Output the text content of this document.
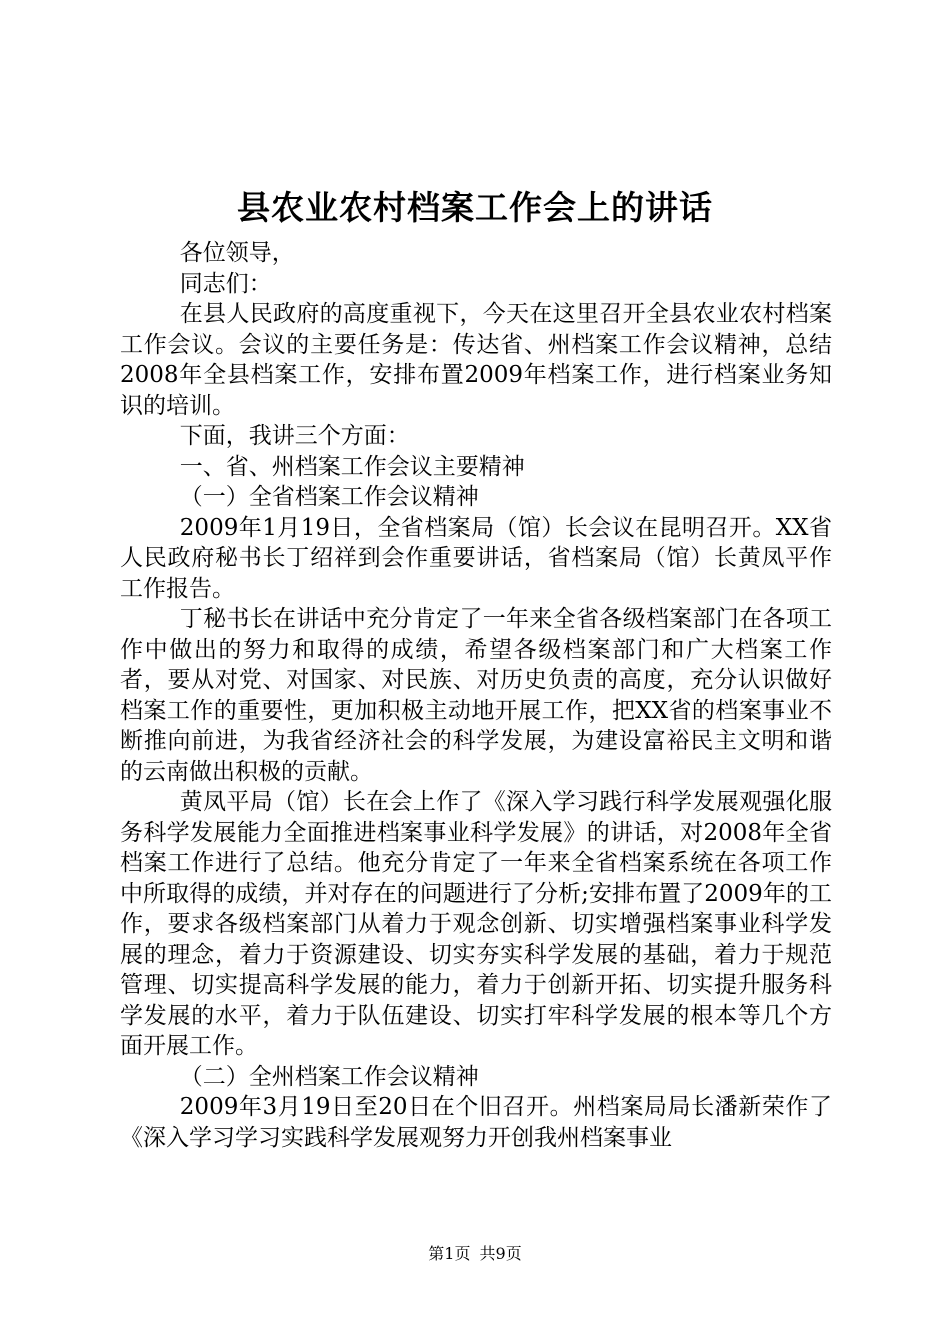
县农业农村档案工作会上的讲话

各位领导，

同志们：

在县人民政府的高度重视下，今天在这里召开全县农业农村档案工作会议。会议的主要任务是：传达省、州档案工作会议精神，总结2008年全县档案工作，安排布置2009年档案工作，进行档案业务知识的培训。

下面，我讲三个方面：

一、省、州档案工作会议主要精神

（一）全省档案工作会议精神

2009年1月19日，全省档案局（馆）长会议在昆明召开。XX省人民政府秘书长丁绍祥到会作重要讲话，省档案局（馆）长黄凤平作工作报告。

丁秘书长在讲话中充分肯定了一年来全省各级档案部门在各项工作中做出的努力和取得的成绩，希望各级档案部门和广大档案工作者，要从对党、对国家、对民族、对历史负责的高度，充分认识做好档案工作的重要性，更加积极主动地开展工作，把XX省的档案事业不断推向前进，为我省经济社会的科学发展，为建设富裕民主文明和谐的云南做出积极的贡献。

黄凤平局（馆）长在会上作了《深入学习践行科学发展观强化服务科学发展能力全面推进档案事业科学发展》的讲话，对2008年全省档案工作进行了总结。他充分肯定了一年来全省档案系统在各项工作中所取得的成绩，并对存在的问题进行了分析;安排布置了2009年的工作，要求各级档案部门从着力于观念创新、切实增强档案事业科学发展的理念，着力于资源建设、切实夯实科学发展的基础，着力于规范管理、切实提高科学发展的能力，着力于创新开拓、切实提升服务科学发展的水平，着力于队伍建设、切实打牢科学发展的根本等几个方面开展工作。

（二）全州档案工作会议精神

2009年3月19日至20日在个旧召开。州档案局局长潘新荣作了《深入学习学习实践科学发展观努力开创我州档案事业

第1页 共9页
